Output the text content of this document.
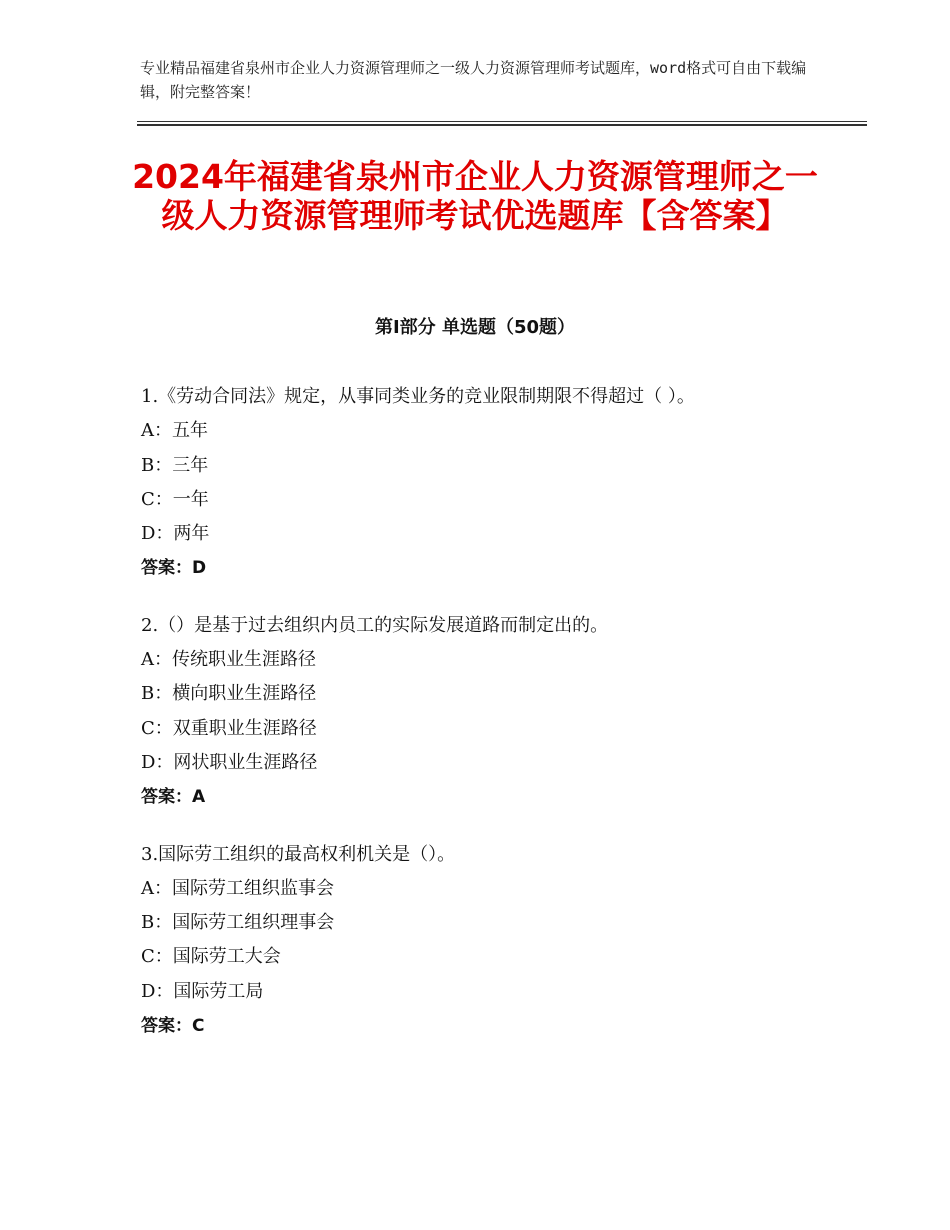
专业精品福建省泉州市企业人力资源管理师之一级人力资源管理师考试题库，word格式可自由下载编辑，附完整答案！
2024年福建省泉州市企业人力资源管理师之一级人力资源管理师考试优选题库【含答案】
第Ⅰ部分 单选题（50题）
1.《劳动合同法》规定，从事同类业务的竞业限制期限不得超过（ ）。
A：五年
B：三年
C：一年
D：两年
答案：D
2.（）是基于过去组织内员工的实际发展道路而制定出的。
A：传统职业生涯路径
B：横向职业生涯路径
C：双重职业生涯路径
D：网状职业生涯路径
答案：A
3.国际劳工组织的最高权利机关是（）。
A：国际劳工组织监事会
B：国际劳工组织理事会
C：国际劳工大会
D：国际劳工局
答案：C
